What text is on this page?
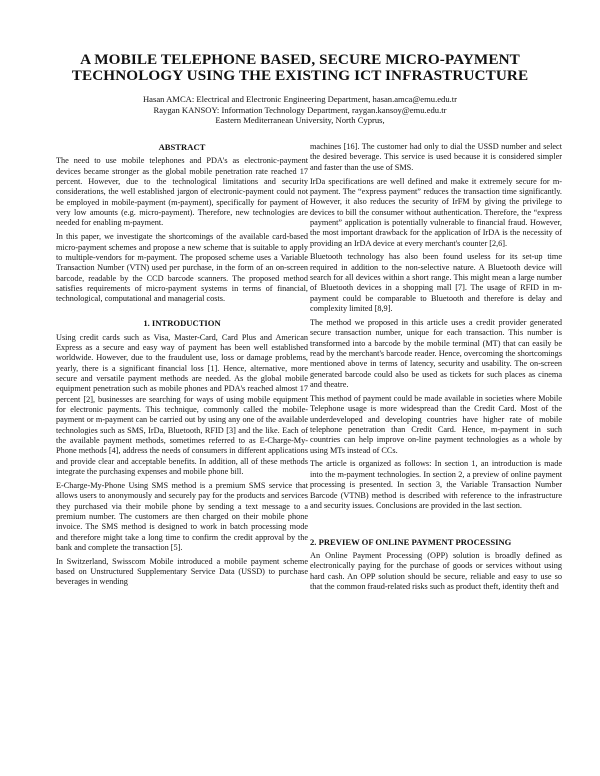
A MOBILE TELEPHONE BASED, SECURE MICRO-PAYMENT
TECHNOLOGY USING THE EXISTING ICT INFRASTRUCTURE
Hasan AMCA: Electrical and Electronic Engineering Department, hasan.amca@emu.edu.tr
Raygan KANSOY: Information Technology Department, raygan.kansoy@emu.edu.tr
Eastern Mediterranean University, North Cyprus,
ABSTRACT

The need to use mobile telephones and PDA's as electronic-payment devices became stronger as the global mobile penetration rate reached 17 percent. However, due to the technological limitations and security considerations, the well established jargon of electronic-payment could not be employed in mobile-payment (m-payment), specifically for payment of very low amounts (e.g. micro-payment). Therefore, new technologies are needed for enabling m-payment.

In this paper, we investigate the shortcomings of the available card-based micro-payment schemes and propose a new scheme that is suitable to apply to multiple-vendors for m-payment. The proposed scheme uses a Variable Transaction Number (VTN) used per purchase, in the form of an on-screen barcode, readable by the CCD barcode scanners. The proposed method satisfies requirements of micro-payment systems in terms of financial, technological, computational and managerial costs.

1. INTRODUCTION

Using credit cards such as Visa, Master-Card, Card Plus and American Express as a secure and easy way of payment has been well established worldwide. However, due to the fraudulent use, loss or damage problems, yearly, there is a significant financial loss [1]. Hence, alternative, more secure and versatile payment methods are needed. As the global mobile equipment penetration such as mobile phones and PDA's reached almost 17 percent [2], businesses are searching for ways of using mobile equipment for electronic payments. This technique, commonly called the mobile-payment or m-payment can be carried out by using any one of the available technologies such as SMS, IrDa, Bluetooth, RFID [3] and the like. Each of the available payment methods, sometimes referred to as E-Charge-My-Phone methods [4], address the needs of consumers in different applications and provide clear and acceptable benefits. In addition, all of these methods integrate the purchasing expenses and mobile phone bill.

E-Charge-My-Phone Using SMS method is a premium SMS service that allows users to anonymously and securely pay for the products and services they purchased via their mobile phone by sending a text message to a premium number. The customers are then charged on their mobile phone invoice. The SMS method is designed to work in batch processing mode and therefore might take a long time to confirm the credit approval by the bank and complete the transaction [5].

In Switzerland, Swisscom Mobile introduced a mobile payment scheme based on Unstructured Supplementary Service Data (USSD) to purchase beverages in wending

machines [16]. The customer had only to dial the USSD number and select the desired beverage. This service is used because it is considered simpler and faster than the use of SMS.

IrDa specifications are well defined and make it extremely secure for m-payment. The “express payment” reduces the transaction time significantly. However, it also reduces the security of IrFM by giving the privilege to devices to bill the consumer without authentication. Therefore, the “express payment” application is potentially vulnerable to financial fraud. However, the most important drawback for the application of IrDA is the necessity of providing an IrDA device at every merchant's counter [2,6].

Bluetooth technology has also been found useless for its set-up time required in addition to the non-selective nature. A Bluetooth device will search for all devices within a short range. This might mean a large number of Bluetooth devices in a shopping mall [7]. The usage of RFID in m-payment could be comparable to Bluetooth and therefore is delay and complexity limited [8,9].

The method we proposed in this article uses a credit provider generated secure transaction number, unique for each transaction. This number is transformed into a barcode by the mobile terminal (MT) that can easily be read by the merchant's barcode reader. Hence, overcoming the shortcomings mentioned above in terms of latency, security and usability. The on-screen generated barcode could also be used as tickets for such places as cinema and theatre.

This method of payment could be made available in societies where Mobile Telephone usage is more widespread than the Credit Card. Most of the underdeveloped and developing countries have higher rate of mobile telephone penetration than Credit Card. Hence, m-payment in such countries can help improve on-line payment technologies as a whole by using MTs instead of CCs.

The article is organized as follows: In section 1, an introduction is made into the m-payment technologies. In section 2, a preview of online payment processing is presented. In section 3, the Variable Transaction Number Barcode (VTNB) method is described with reference to the infrastructure and security issues. Conclusions are provided in the last section.

2. PREVIEW OF ONLINE PAYMENT PROCESSING

An Online Payment Processing (OPP) solution is broadly defined as electronically paying for the purchase of goods or services without using hard cash. An OPP solution should be secure, reliable and easy to use so that the common fraud-related risks such as product theft, identity theft and
